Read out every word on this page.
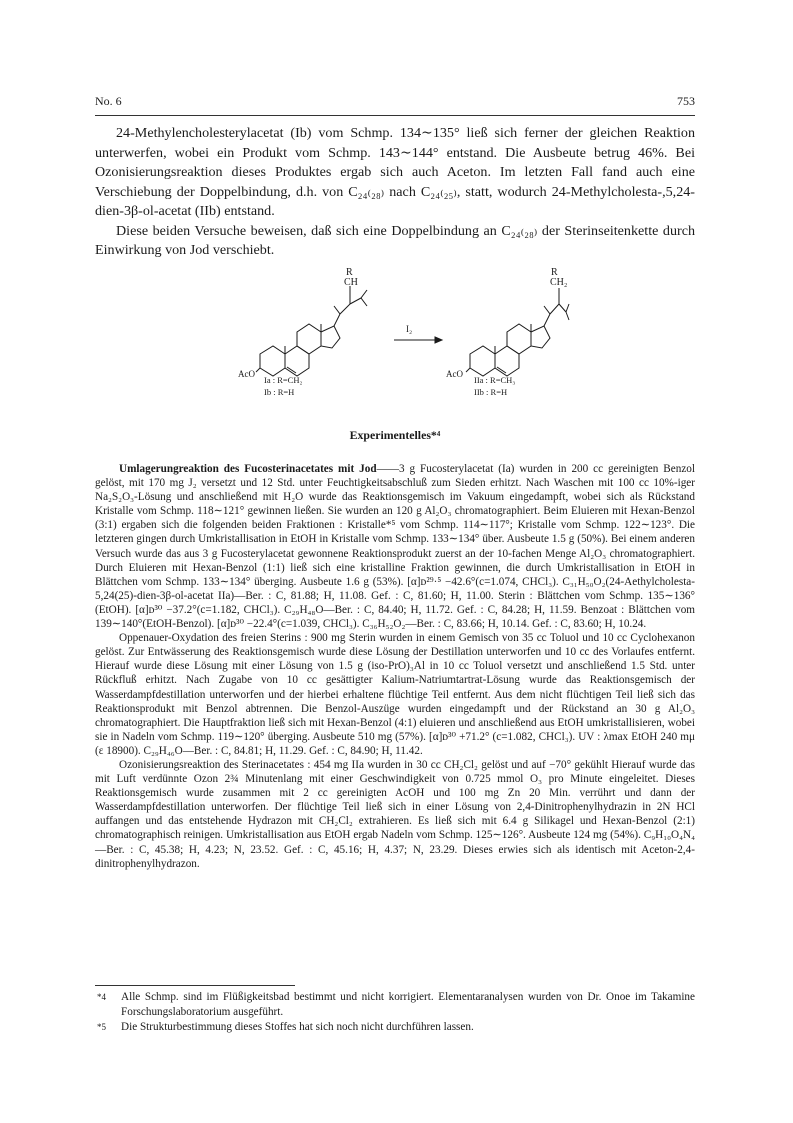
No. 6	753

24-Methylencholesterylacetat (Ib) vom Schmp. 134∼135° ließ sich ferner der gleichen Reaktion unterwerfen, wobei ein Produkt vom Schmp. 143∼144° entstand. Die Ausbeute betrug 46%. Bei Ozonisierungsreaktion dieses Produktes ergab sich auch Aceton. Im letzten Fall fand auch eine Verschiebung der Doppelbindung, d.h. von C₂₄₍₂₈₎ nach C₂₄₍₂₅₎, statt, wodurch 24-Methylcholesta-,5,24-dien-3β-ol-acetat (IIb) entstand.

Diese beiden Versuche beweisen, daß sich eine Doppelbindung an C₂₄₍₂₈₎ der Sterinseitenkette durch Einwirkung von Jod verschiebt.

R
CH
I₂
R
CH₂
AcO	AcO
Ia : R=CH₂
Ib : R=H
IIa : R=CH₃
IIb : R=H
Experimentelles*⁴

Umlagerungreaktion des Fucosterinacetates mit Jod——3 g Fucosterylacetat (Ia) wurden in 200 cc gereinigten Benzol gelöst, mit 170 mg J₂ versetzt und 12 Std. unter Feuchtigkeitsabschluß zum Sieden erhitzt. Nach Waschen mit 100 cc 10%-iger Na₂S₂O₃-Lösung und anschließend mit H₂O wurde das Reaktionsgemisch im Vakuum eingedampft, wobei sich als Rückstand Kristalle vom Schmp. 118∼121° gewinnen ließen. Sie wurden an 120 g Al₂O₃ chromatographiert. Beim Eluieren mit Hexan-Benzol (3:1) ergaben sich die folgenden beiden Fraktionen : Kristalle*⁵ vom Schmp. 114∼117°; Kristalle vom Schmp. 122∼123°. Die letzteren gingen durch Umkristallisation in EtOH in Kristalle vom Schmp. 133∼134° über. Ausbeute 1.5 g (50%). Bei einem anderen Versuch wurde das aus 3 g Fucosterylacetat gewonnene Reaktionsprodukt zuerst an der 10-fachen Menge Al₂O₃ chromatographiert. Durch Eluieren mit Hexan-Benzol (1:1) ließ sich eine kristalline Fraktion gewinnen, die durch Umkristallisation in EtOH in Blättchen vom Schmp. 133∼134° überging. Ausbeute 1.6 g (53%). [α]ᴅ²⁹·⁵ −42.6°(c=1.074, CHCl₃). C₃₁H₅₀O₂(24-Aethylcholesta-5,24(25)-dien-3β-ol-acetat IIa)—Ber. : C, 81.88; H, 11.08. Gef. : C, 81.60; H, 11.00. Sterin : Blättchen vom Schmp. 135∼136°(EtOH). [α]ᴅ³⁰ −37.2°(c=1.182, CHCl₃). C₂₉H₄₈O—Ber. : C, 84.40; H, 11.72. Gef. : C, 84.28; H, 11.59. Benzoat : Blättchen vom 139∼140°(EtOH-Benzol). [α]ᴅ³⁰ −22.4°(c=1.039, CHCl₃). C₃₆H₅₂O₂—Ber. : C, 83.66; H, 10.14. Gef. : C, 83.60; H, 10.24.

Oppenauer-Oxydation des freien Sterins : 900 mg Sterin wurden in einem Gemisch von 35 cc Toluol und 10 cc Cyclohexanon gelöst. Zur Entwässerung des Reaktionsgemisch wurde diese Lösung der Destillation unterworfen und 10 cc des Vorlaufes entfernt. Hierauf wurde diese Lösung mit einer Lösung von 1.5 g (iso-PrO)₃Al in 10 cc Toluol versetzt und anschließend 1.5 Std. unter Rückfluß erhitzt. Nach Zugabe von 10 cc gesättigter Kalium-Natriumtartrat-Lösung wurde das Reaktionsgemisch der Wasserdampfdestillation unterworfen und der hierbei erhaltene flüchtige Teil entfernt. Aus dem nicht flüchtigen Teil ließ sich das Reaktionsprodukt mit Benzol abtrennen. Die Benzol-Auszüge wurden eingedampft und der Rückstand an 30 g Al₂O₃ chromatographiert. Die Hauptfraktion ließ sich mit Hexan-Benzol (4:1) eluieren und anschließend aus EtOH umkristallisieren, wobei sie in Nadeln vom Schmp. 119∼120° überging. Ausbeute 510 mg (57%). [α]ᴅ³⁰ +71.2° (c=1.082, CHCl₃). UV : λmax EtOH 240 mμ (ε 18900). C₂₉H₄₆O—Ber. : C, 84.81; H, 11.29. Gef. : C, 84.90; H, 11.42.

Ozonisierungsreaktion des Sterinacetates : 454 mg IIa wurden in 30 cc CH₂Cl₂ gelöst und auf −70° gekühlt Hierauf wurde das mit Luft verdünnte Ozon 2¾ Minutenlang mit einer Geschwindigkeit von 0.725 mmol O₃ pro Minute eingeleitet. Dieses Reaktionsgemisch wurde zusammen mit 2 cc gereinigten AcOH und 100 mg Zn 20 Min. verrührt und dann der Wasserdampfdestillation unterworfen. Der flüchtige Teil ließ sich in einer Lösung von 2,4-Dinitrophenylhydrazin in 2N HCl auffangen und das entstehende Hydrazon mit CH₂Cl₂ extrahieren. Es ließ sich mit 6.4 g Silikagel und Hexan-Benzol (2:1) chromatographisch reinigen. Umkristallisation aus EtOH ergab Nadeln vom Schmp. 125∼126°. Ausbeute 124 mg (54%). C₉H₁₀O₄N₄—Ber. : C, 45.38; H, 4.23; N, 23.52. Gef. : C, 45.16; H, 4.37; N, 23.29. Dieses erwies sich als identisch mit Aceton-2,4-dinitrophenylhydrazon.

*4 Alle Schmp. sind im Flüßigkeitsbad bestimmt und nicht korrigiert. Elementaranalysen wurden von Dr. Onoe im Takamine Forschungslaboratorium ausgeführt.
*5 Die Strukturbestimmung dieses Stoffes hat sich noch nicht durchführen lassen.
